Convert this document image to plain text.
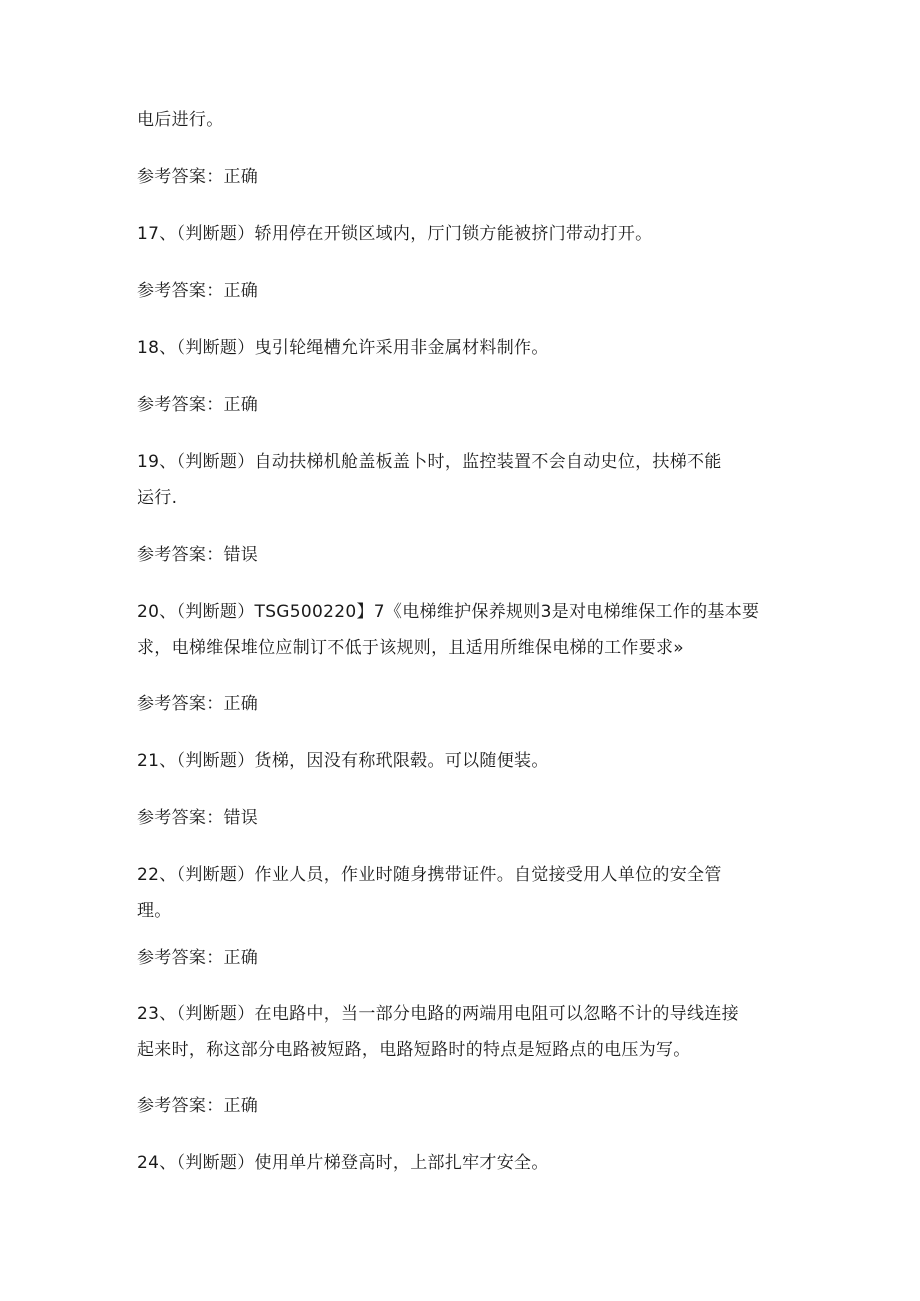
电后进行。
参考答案：正确
17、（判断题）轿用停在开锁区域内，厅门锁方能被挤门带动打开。
参考答案：正确
18、（判断题）曳引轮绳槽允许采用非金属材料制作。
参考答案：正确
19、（判断题）自动扶梯机舱盖板盖卜时，监控装置不会自动史位，扶梯不能
运行.
参考答案：错误
20、（判断题）TSG500220】7《电梯维护保养规则3是对电梯维保工作的基本要
求，电梯维保堆位应制订不低于该规则，且适用所维保电梯的工作要求»
参考答案：正确
21、（判断题）货梯，因没有称玳限毂。可以随便装。
参考答案：错误
22、（判断题）作业人员，作业时随身携带证件。自觉接受用人单位的安全管
理。
参考答案：正确
23、（判断题）在电路中，当一部分电路的两端用电阻可以忽略不计的导线连接
起来时，称这部分电路被短路，电路短路时的特点是短路点的电压为写。
参考答案：正确
24、（判断题）使用单片梯登高时，上部扎牢才安全。
